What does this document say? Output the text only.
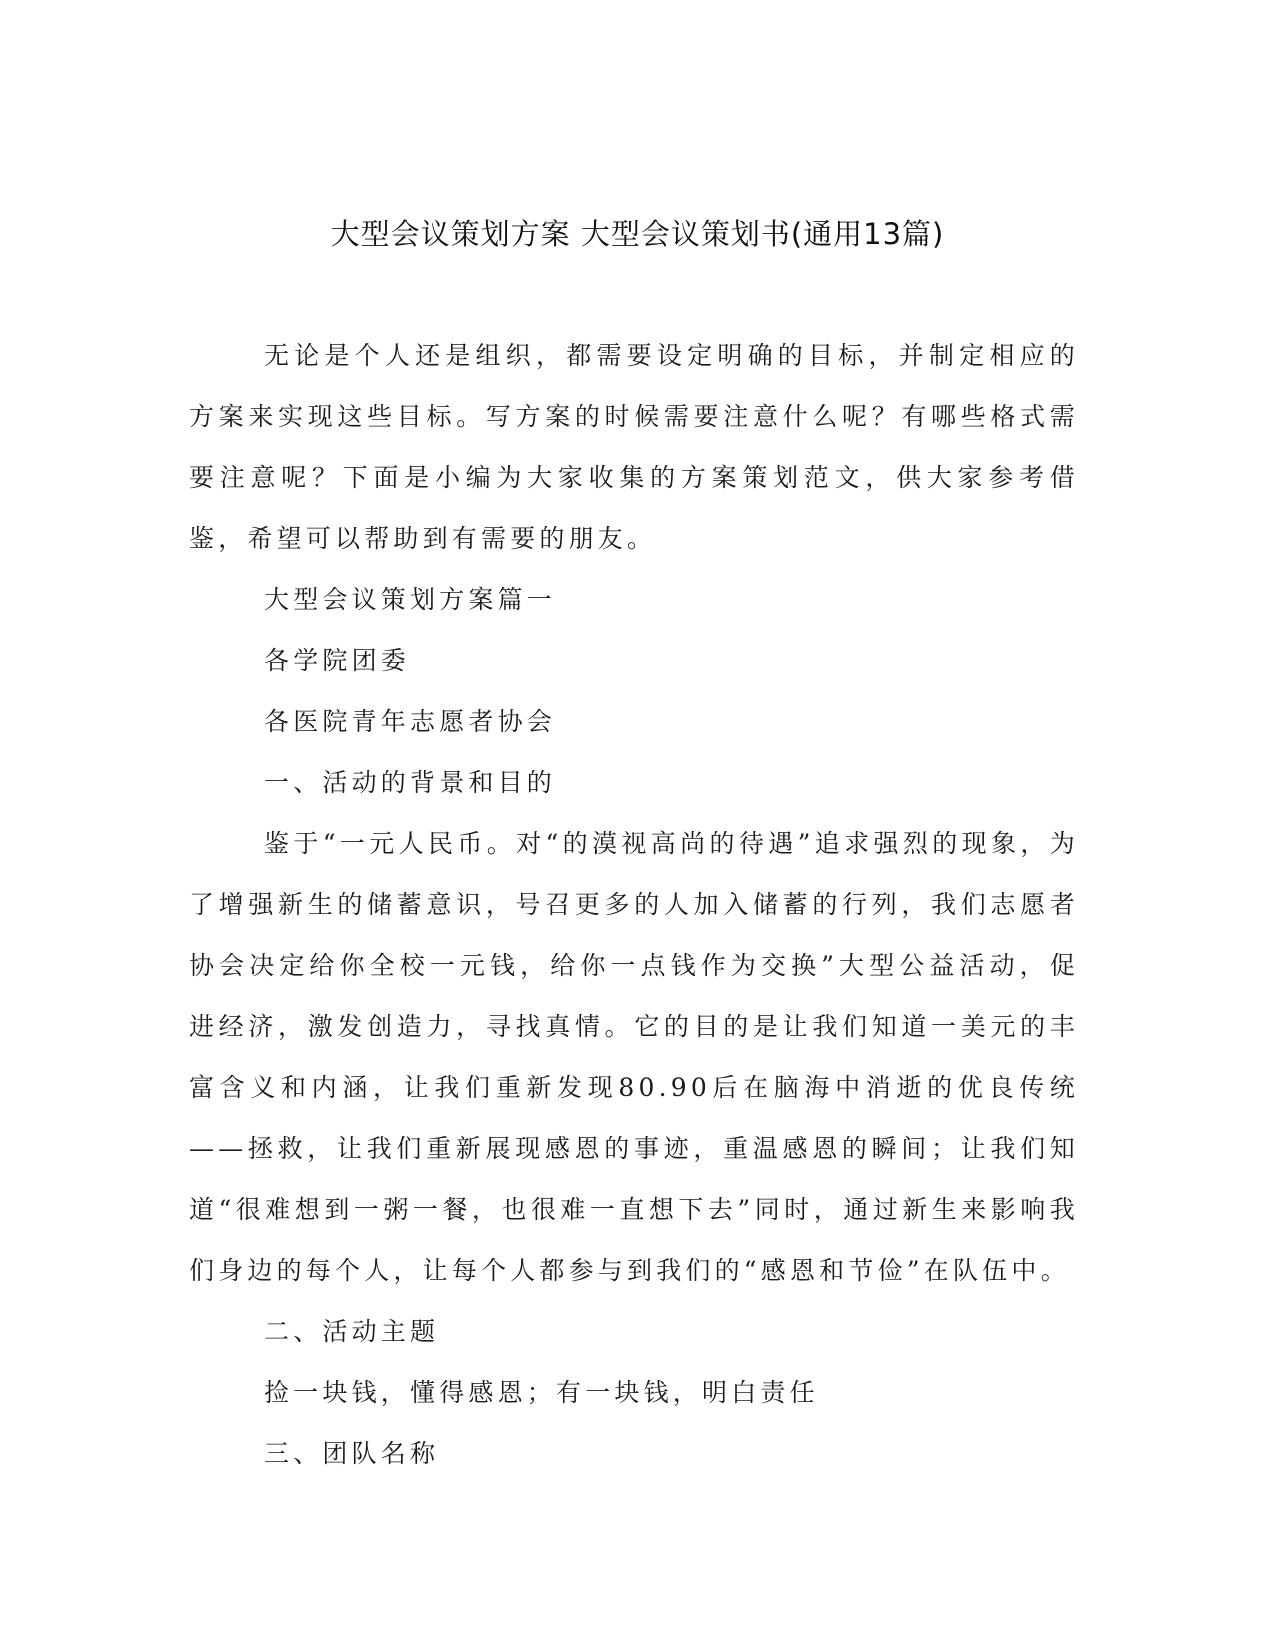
大型会议策划方案 大型会议策划书(通用13篇)

无论是个人还是组织，都需要设定明确的目标，并制定相应的方案来实现这些目标。写方案的时候需要注意什么呢？有哪些格式需要注意呢？下面是小编为大家收集的方案策划范文，供大家参考借鉴，希望可以帮助到有需要的朋友。

大型会议策划方案篇一

各学院团委

各医院青年志愿者协会

一、活动的背景和目的

鉴于“一元人民币。对“的漠视高尚的待遇”追求强烈的现象，为了增强新生的储蓄意识，号召更多的人加入储蓄的行列，我们志愿者协会决定给你全校一元钱，给你一点钱作为交换”大型公益活动，促进经济，激发创造力，寻找真情。它的目的是让我们知道一美元的丰富含义和内涵，让我们重新发现80.90后在脑海中消逝的优良传统——拯救，让我们重新展现感恩的事迹，重温感恩的瞬间；让我们知道“很难想到一粥一餐，也很难一直想下去”同时，通过新生来影响我们身边的每个人，让每个人都参与到我们的“感恩和节俭”在队伍中。

二、活动主题

捡一块钱，懂得感恩；有一块钱，明白责任

三、团队名称
